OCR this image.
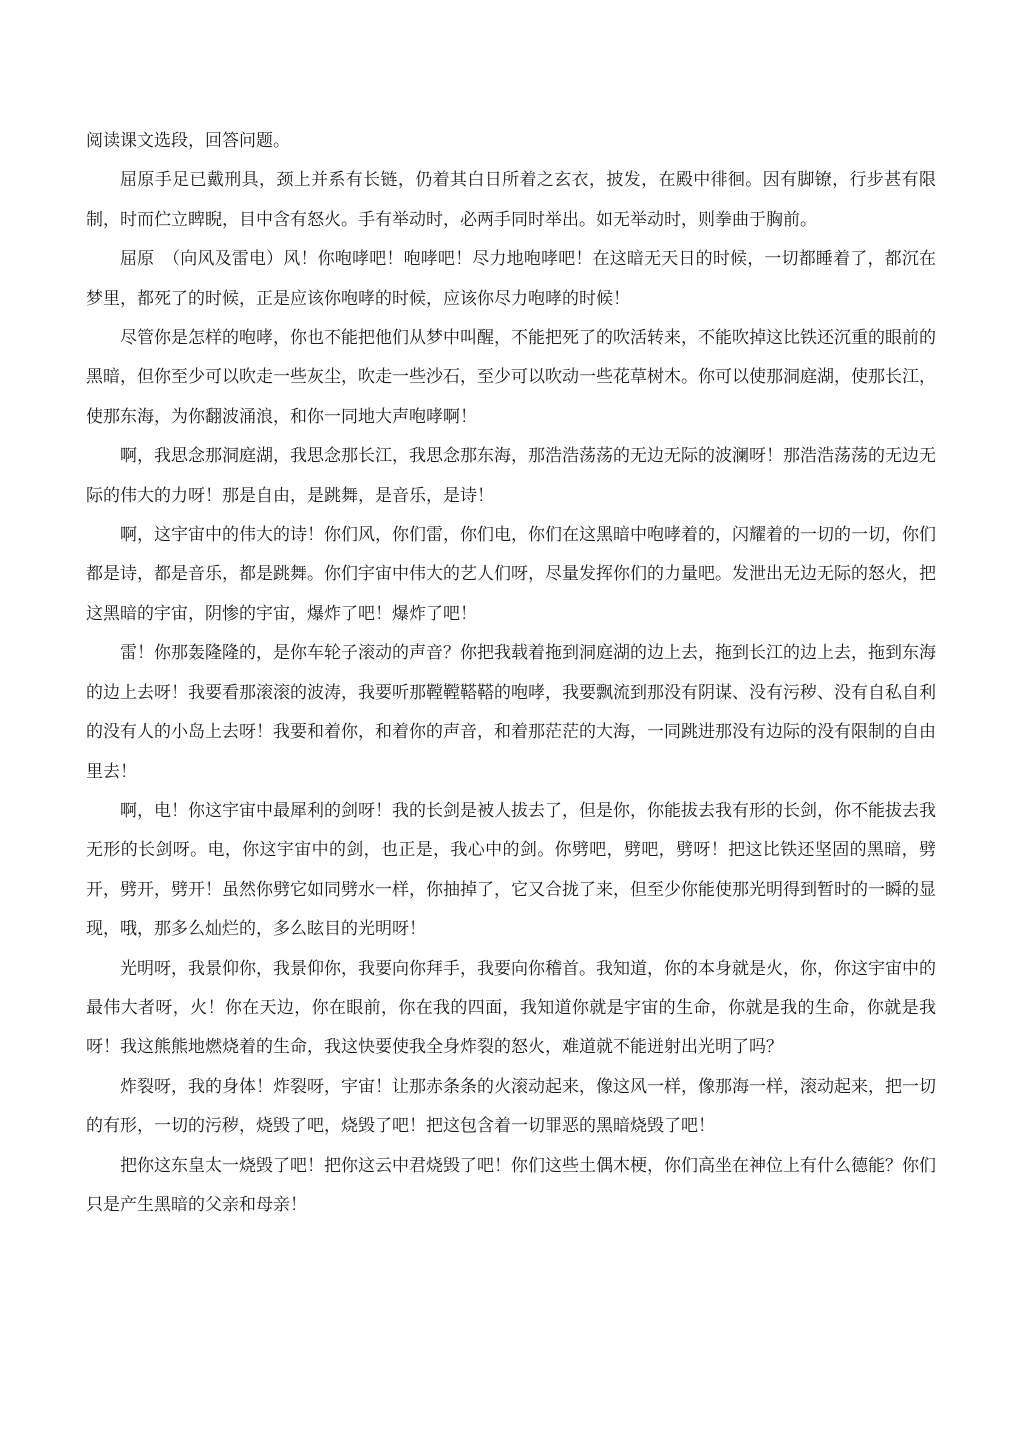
阅读课文选段，回答问题。

屈原手足已戴刑具，颈上并系有长链，仍着其白日所着之玄衣，披发，在殿中徘徊。因有脚镣，行步甚有限制，时而伫立睥睨，目中含有怒火。手有举动时，必两手同时举出。如无举动时，则拳曲于胸前。

屈原　（向风及雷电）风！你咆哮吧！咆哮吧！尽力地咆哮吧！在这暗无天日的时候，一切都睡着了，都沉在梦里，都死了的时候，正是应该你咆哮的时候，应该你尽力咆哮的时候！

尽管你是怎样的咆哮，你也不能把他们从梦中叫醒，不能把死了的吹活转来，不能吹掉这比铁还沉重的眼前的黑暗，但你至少可以吹走一些灰尘，吹走一些沙石，至少可以吹动一些花草树木。你可以使那洞庭湖，使那长江，使那东海，为你翻波涌浪，和你一同地大声咆哮啊！

啊，我思念那洞庭湖，我思念那长江，我思念那东海，那浩浩荡荡的无边无际的波澜呀！那浩浩荡荡的无边无际的伟大的力呀！那是自由，是跳舞，是音乐，是诗！

啊，这宇宙中的伟大的诗！你们风，你们雷，你们电，你们在这黑暗中咆哮着的，闪耀着的一切的一切，你们都是诗，都是音乐，都是跳舞。你们宇宙中伟大的艺人们呀，尽量发挥你们的力量吧。发泄出无边无际的怒火，把这黑暗的宇宙，阴惨的宇宙，爆炸了吧！爆炸了吧！

雷！你那轰隆隆的，是你车轮子滚动的声音？你把我载着拖到洞庭湖的边上去，拖到长江的边上去，拖到东海的边上去呀！我要看那滚滚的波涛，我要听那鞺鞺鞳鞳的咆哮，我要飘流到那没有阴谋、没有污秽、没有自私自利的没有人的小岛上去呀！我要和着你，和着你的声音，和着那茫茫的大海，一同跳进那没有边际的没有限制的自由里去！

啊，电！你这宇宙中最犀利的剑呀！我的长剑是被人拔去了，但是你，你能拔去我有形的长剑，你不能拔去我无形的长剑呀。电，你这宇宙中的剑，也正是，我心中的剑。你劈吧，劈吧，劈呀！把这比铁还坚固的黑暗，劈开，劈开，劈开！虽然你劈它如同劈水一样，你抽掉了，它又合拢了来，但至少你能使那光明得到暂时的一瞬的显现，哦，那多么灿烂的，多么眩目的光明呀！

光明呀，我景仰你，我景仰你，我要向你拜手，我要向你稽首。我知道，你的本身就是火，你，你这宇宙中的最伟大者呀，火！你在天边，你在眼前，你在我的四面，我知道你就是宇宙的生命，你就是我的生命，你就是我呀！我这熊熊地燃烧着的生命，我这快要使我全身炸裂的怒火，难道就不能迸射出光明了吗？

炸裂呀，我的身体！炸裂呀，宇宙！让那赤条条的火滚动起来，像这风一样，像那海一样，滚动起来，把一切的有形，一切的污秽，烧毁了吧，烧毁了吧！把这包含着一切罪恶的黑暗烧毁了吧！

把你这东皇太一烧毁了吧！把你这云中君烧毁了吧！你们这些土偶木梗，你们高坐在神位上有什么德能？你们只是产生黑暗的父亲和母亲！
